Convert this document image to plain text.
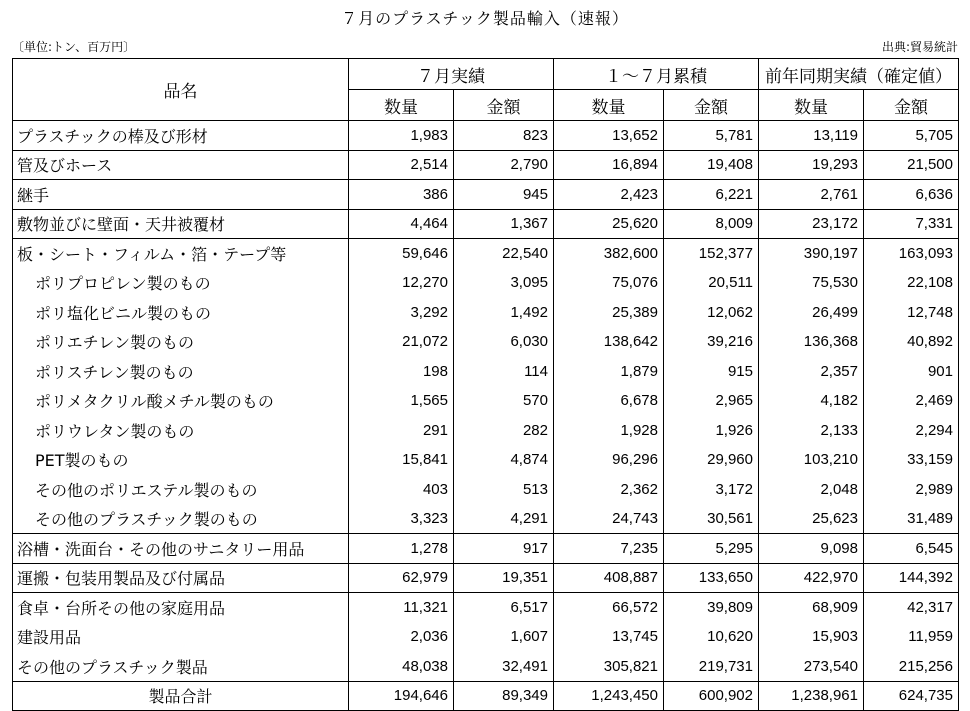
７月のプラスチック製品輸入（速報）
〔単位:トン、百万円〕	出典:貿易統計
品名	７月実績		１～７月累積		前年同期実績（確定値）	
	数量	金額	数量	金額	数量	金額
プラスチックの棒及び形材	1,983	823	13,652	5,781	13,119	5,705
管及びホース	2,514	2,790	16,894	19,408	19,293	21,500
継手	386	945	2,423	6,221	2,761	6,636
敷物並びに壁面・天井被覆材	4,464	1,367	25,620	8,009	23,172	7,331
板・シート・フィルム・箔・テープ等	59,646	22,540	382,600	152,377	390,197	163,093
ポリプロピレン製のもの	12,270	3,095	75,076	20,511	75,530	22,108
ポリ塩化ビニル製のもの	3,292	1,492	25,389	12,062	26,499	12,748
ポリエチレン製のもの	21,072	6,030	138,642	39,216	136,368	40,892
ポリスチレン製のもの	198	114	1,879	915	2,357	901
ポリメタクリル酸メチル製のもの	1,565	570	6,678	2,965	4,182	2,469
ポリウレタン製のもの	291	282	1,928	1,926	2,133	2,294
PET製のもの	15,841	4,874	96,296	29,960	103,210	33,159
その他のポリエステル製のもの	403	513	2,362	3,172	2,048	2,989
その他のプラスチック製のもの	3,323	4,291	24,743	30,561	25,623	31,489
浴槽・洗面台・その他のサニタリー用品	1,278	917	7,235	5,295	9,098	6,545
運搬・包装用製品及び付属品	62,979	19,351	408,887	133,650	422,970	144,392
食卓・台所その他の家庭用品	11,321	6,517	66,572	39,809	68,909	42,317
建設用品	2,036	1,607	13,745	10,620	15,903	11,959
その他のプラスチック製品	48,038	32,491	305,821	219,731	273,540	215,256
製品合計	194,646	89,349	1,243,450	600,902	1,238,961	624,735
